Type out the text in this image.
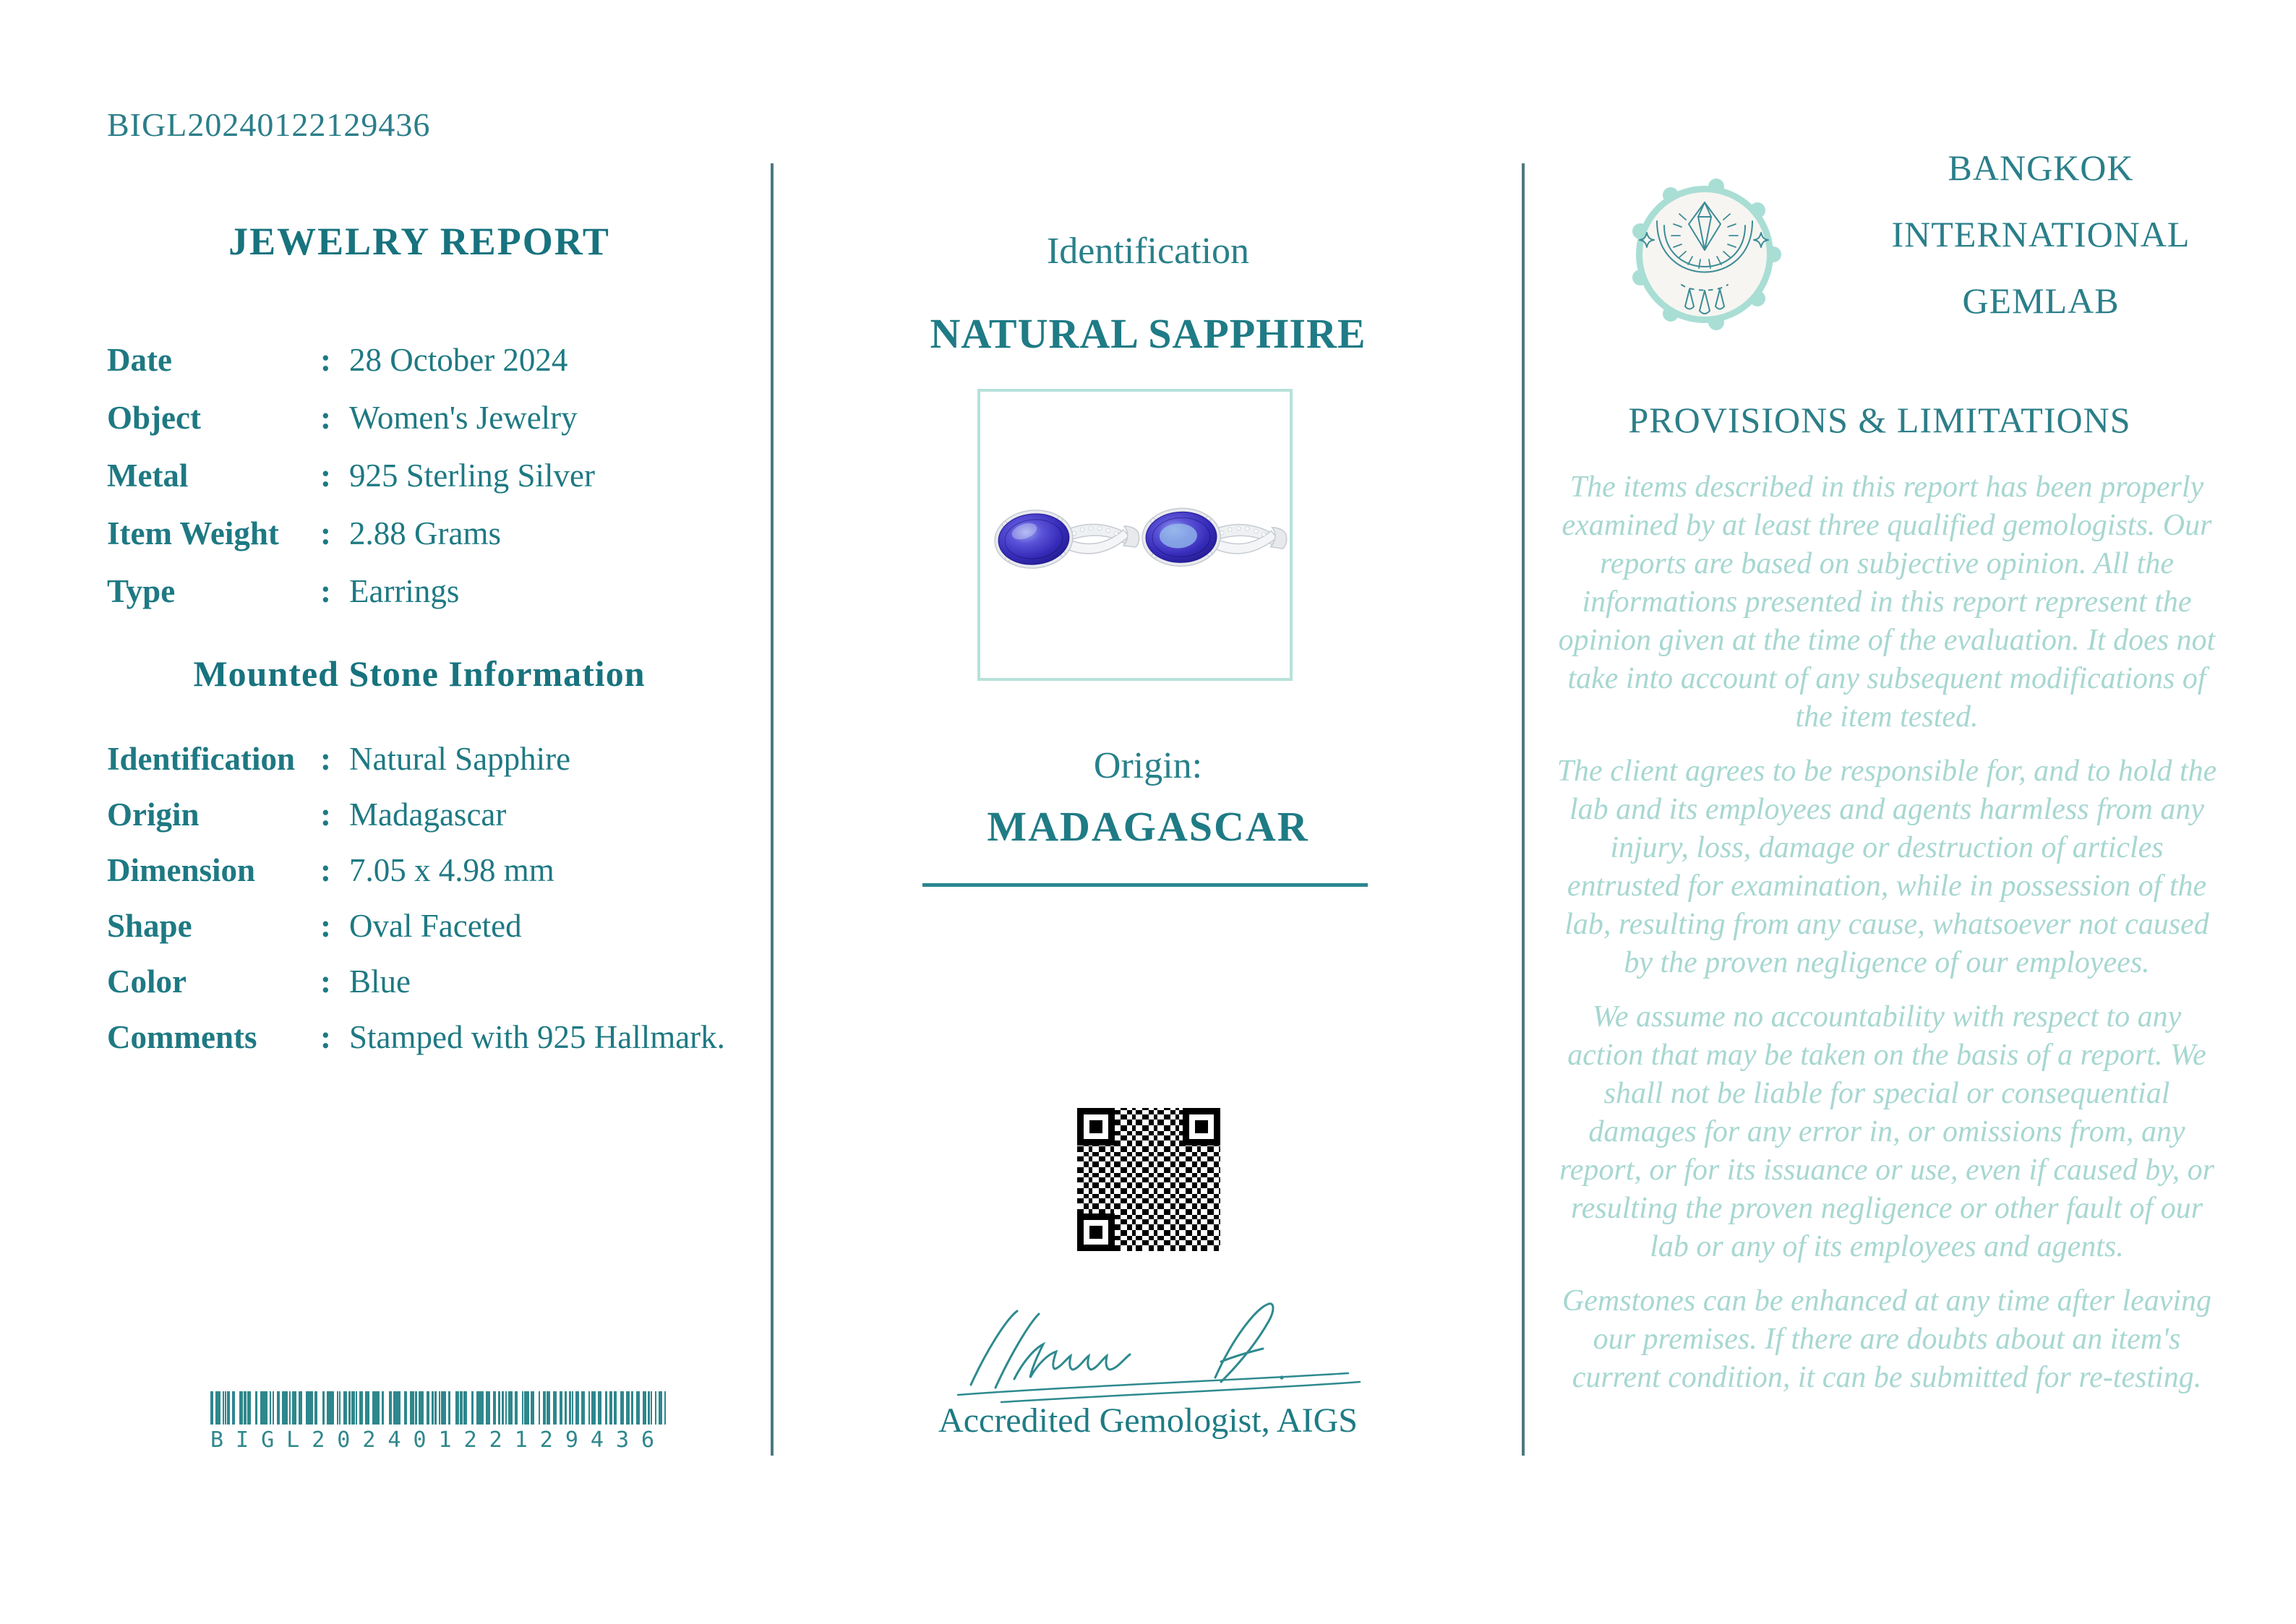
BIGL20240122129436
JEWELRY REPORT
Date	: 28 October 2024
Object	: Women's Jewelry
Metal	: 925 Sterling Silver
Item Weight	: 2.88 Grams
Type	: Earrings
Mounted Stone Information
Identification : Natural Sapphire
Origin	: Madagascar
Dimension	: 7.05 x 4.98 mm
Shape	: Oval Faceted
Color	: Blue
Comments	: Stamped with 925 Hallmark.
BIGL20240122129436
Identification
NATURAL SAPPHIRE
Origin:
MADAGASCAR
Accredited Gemologist, AIGS
BANGKOK
INTERNATIONAL
GEMLAB
PROVISIONS & LIMITATIONS

The items described in this report has been properly examined by at least three qualified gemologists. Our reports are based on subjective opinion. All the informations presented in this report represent the opinion given at the time of the evaluation. It does not take into account of any subsequent modifications of the item tested.

The client agrees to be responsible for, and to hold the lab and its employees and agents harmless from any injury, loss, damage or destruction of articles entrusted for examination, while in possession of the lab, resulting from any cause, whatsoever not caused by the proven negligence of our employees.

We assume no accountability with respect to any action that may be taken on the basis of a report. We shall not be liable for special or consequential damages for any error in, or omissions from, any report, or for its issuance or use, even if caused by, or resulting the proven negligence or other fault of our lab or any of its employees and agents.

Gemstones can be enhanced at any time after leaving our premises. If there are doubts about an item's current condition, it can be submitted for re-testing.
